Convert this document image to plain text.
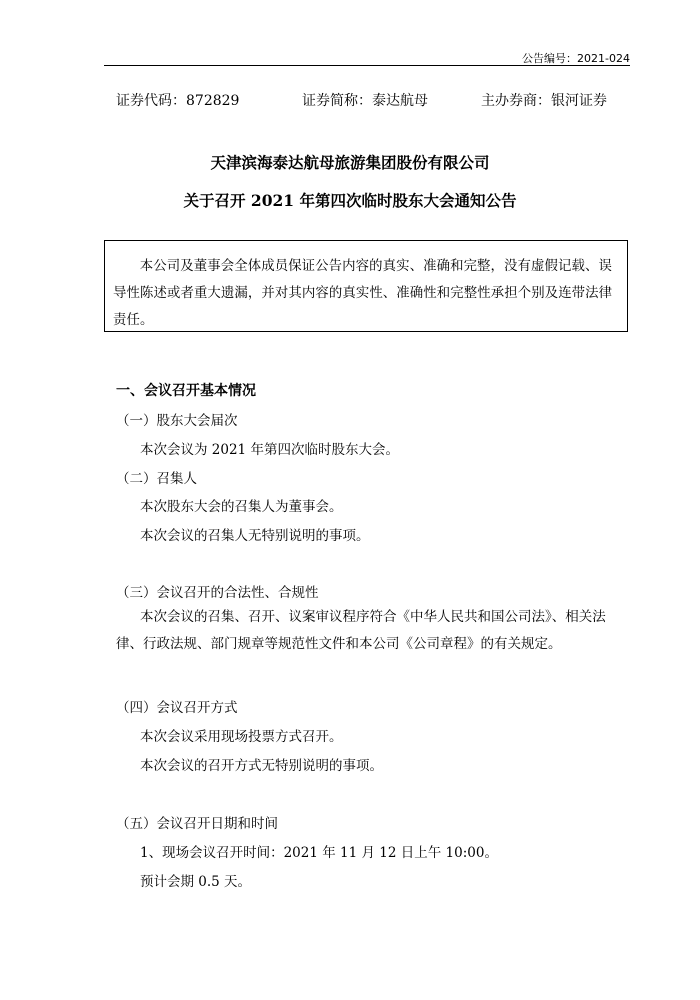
公告编号：2021-024
证券代码：872829	证券简称：泰达航母	主办券商：银河证券
天津滨海泰达航母旅游集团股份有限公司
关于召开 2021 年第四次临时股东大会通知公告
本公司及董事会全体成员保证公告内容的真实、准确和完整，没有虚假记载、误导性陈述或者重大遗漏，并对其内容的真实性、准确性和完整性承担个别及连带法律责任。
一、会议召开基本情况
（一）股东大会届次
本次会议为 2021 年第四次临时股东大会。
（二）召集人
本次股东大会的召集人为董事会。
本次会议的召集人无特别说明的事项。
（三）会议召开的合法性、合规性
本次会议的召集、召开、议案审议程序符合《中华人民共和国公司法》、相关法律、行政法规、部门规章等规范性文件和本公司《公司章程》的有关规定。
（四）会议召开方式
本次会议采用现场投票方式召开。
本次会议的召开方式无特别说明的事项。
（五）会议召开日期和时间
1、现场会议召开时间：2021 年 11 月 12 日上午 10:00。
预计会期 0.5 天。
